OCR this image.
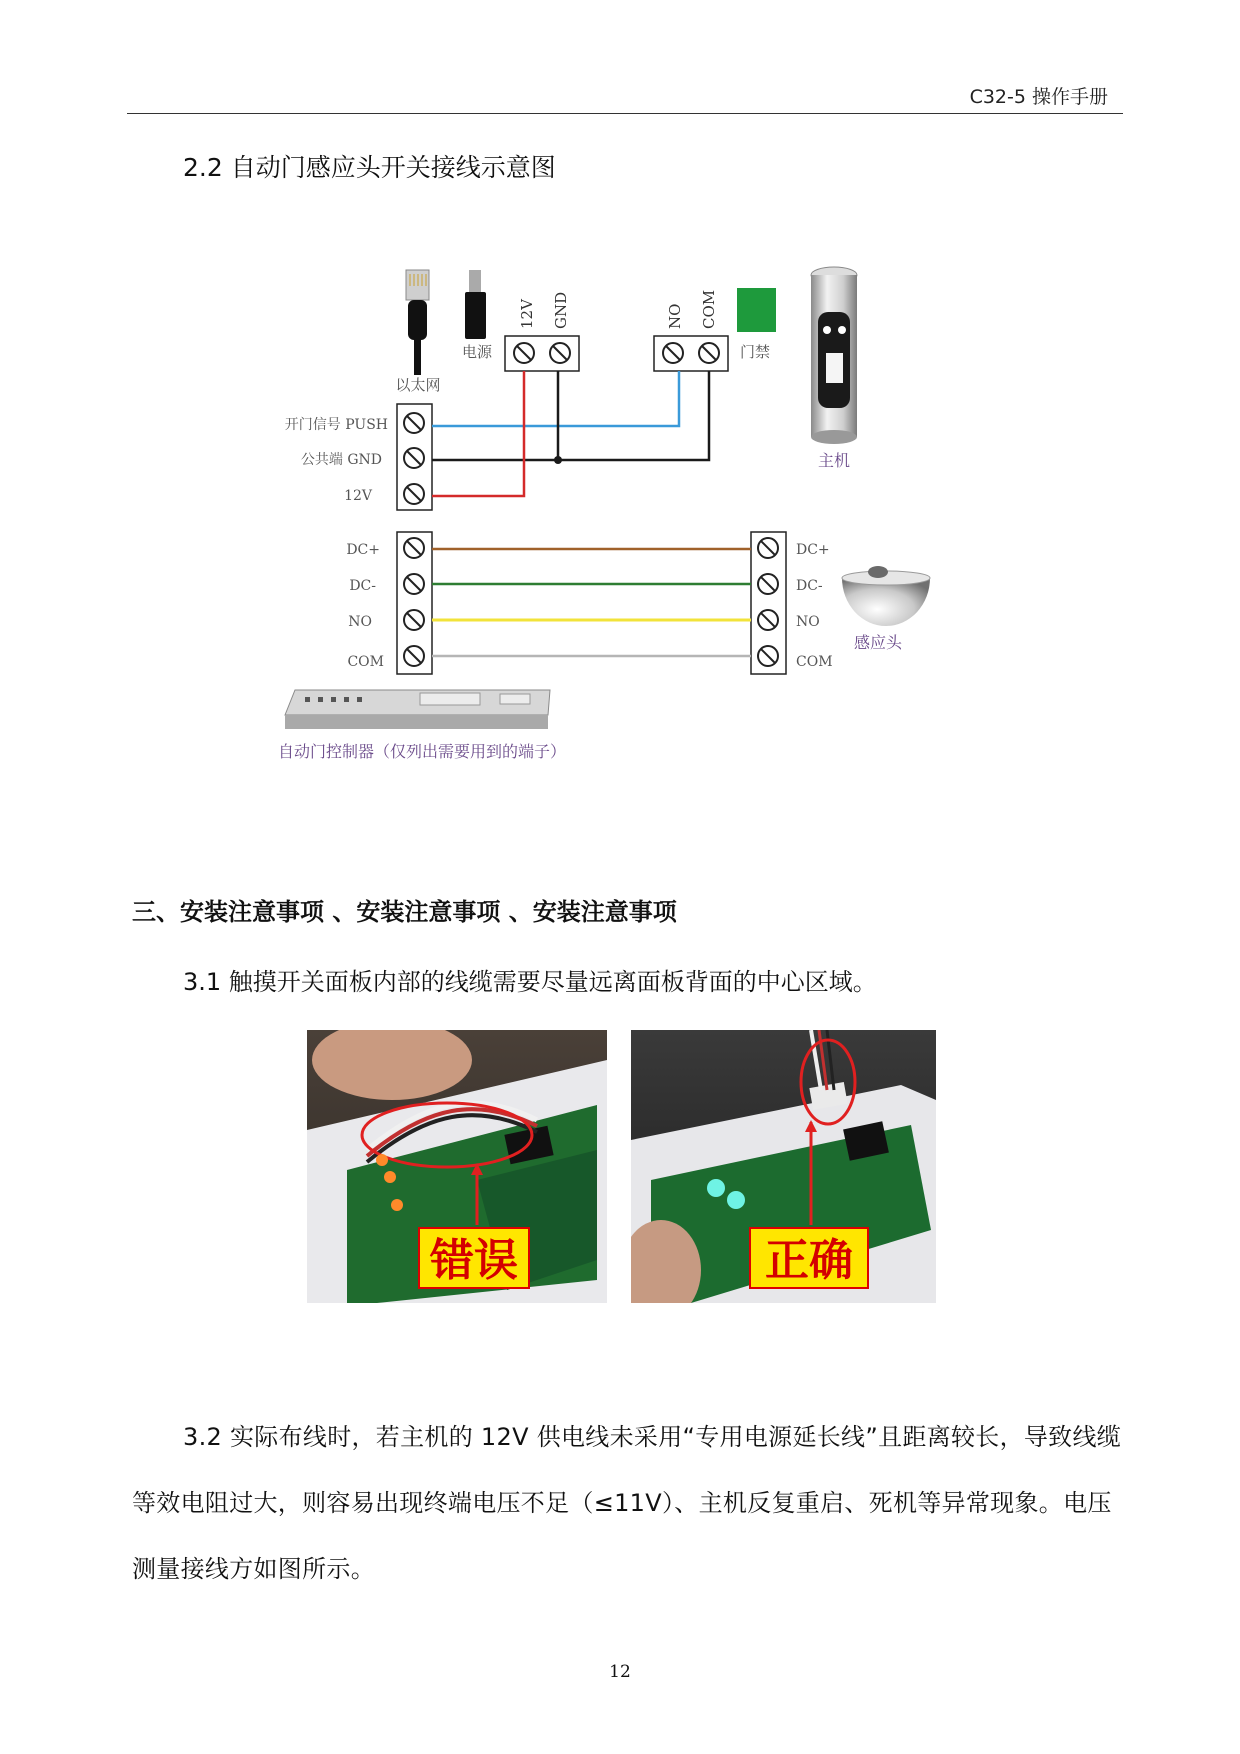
C32-5 操作手册
2.2 自动门感应头开关接线示意图
以太网
电源
12V GND	NO COM
门禁
主机
开门信号 PUSH
公共端 GND
12V
DC+
DC-
NO
COM
DC+
DC-
NO
COM
感应头
自动门控制器（仅列出需要用到的端子）
三、安装注意事项 、安装注意事项 、安装注意事项
3.1 触摸开关面板内部的线缆需要尽量远离面板背面的中心区域。
错误	正确
3.2 实际布线时，若主机的 12V 供电线未采用“专用电源延长线”且距离较长，导致线缆等效电阻过大，则容易出现终端电压不足（≤11V）、主机反复重启、死机等异常现象。电压测量接线方如图所示。
12
